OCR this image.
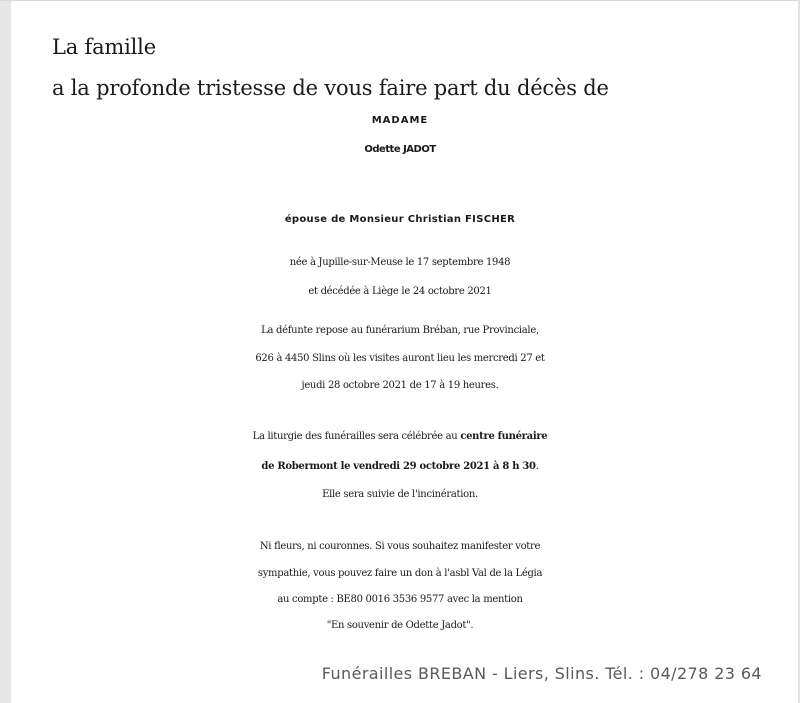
La famille
a la profonde tristesse de vous faire part du décès de
MADAME
Odette JADOT
épouse de Monsieur Christian FISCHER
née à Jupille-sur-Meuse le 17 septembre 1948
et décédée à Liège le 24 octobre 2021
La défunte repose au funérarium Bréban, rue Provinciale,
626 à 4450 Slins où les visites auront lieu les mercredi 27 et
jeudi 28 octobre 2021 de 17 à 19 heures.
La liturgie des funérailles sera célébrée au centre funéraire
de Robermont le vendredi 29 octobre 2021 à 8 h 30.
Elle sera suivie de l'incinération.
Ni fleurs, ni couronnes. Si vous souhaitez manifester votre
sympathie, vous pouvez faire un don à l'asbl Val de la Légia
au compte : BE80 0016 3536 9577 avec la mention
"En souvenir de Odette Jadot".
Funérailles BREBAN - Liers, Slins. Tél. : 04/278 23 64
